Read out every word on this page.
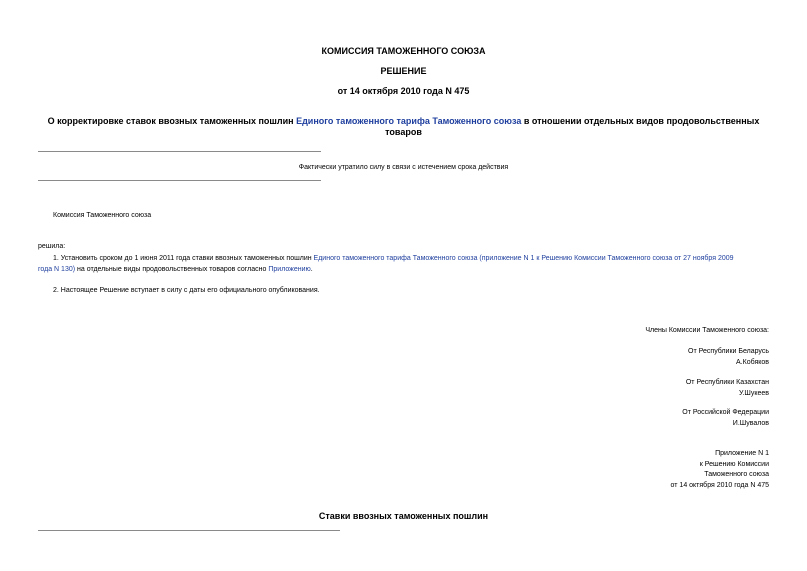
КОМИССИЯ ТАМОЖЕННОГО СОЮЗА
РЕШЕНИЕ
от 14 октября 2010 года N 475
О корректировке ставок ввозных таможенных пошлин Единого таможенного тарифа Таможенного союза в отношении отдельных видов продовольственных
товаров
Фактически утратило силу в связи с истечением срока действия
Комиссия Таможенного союза
решила:
1. Установить сроком до 1 июня 2011 года ставки ввозных таможенных пошлин Единого таможенного тарифа Таможенного союза (приложение N 1 к Решению Комиссии Таможенного союза от 27 ноября 2009
года N 130) на отдельные виды продовольственных товаров согласно Приложению.
2. Настоящее Решение вступает в силу с даты его официального опубликования.
Члены Комиссии Таможенного союза:
От Республики Беларусь
А.Кобяков
От Республики Казахстан
У.Шукеев
От Российской Федерации
И.Шувалов
Приложение N 1
к Решению Комиссии
Таможенного союза
от 14 октября 2010 года N 475
Ставки ввозных таможенных пошлин
